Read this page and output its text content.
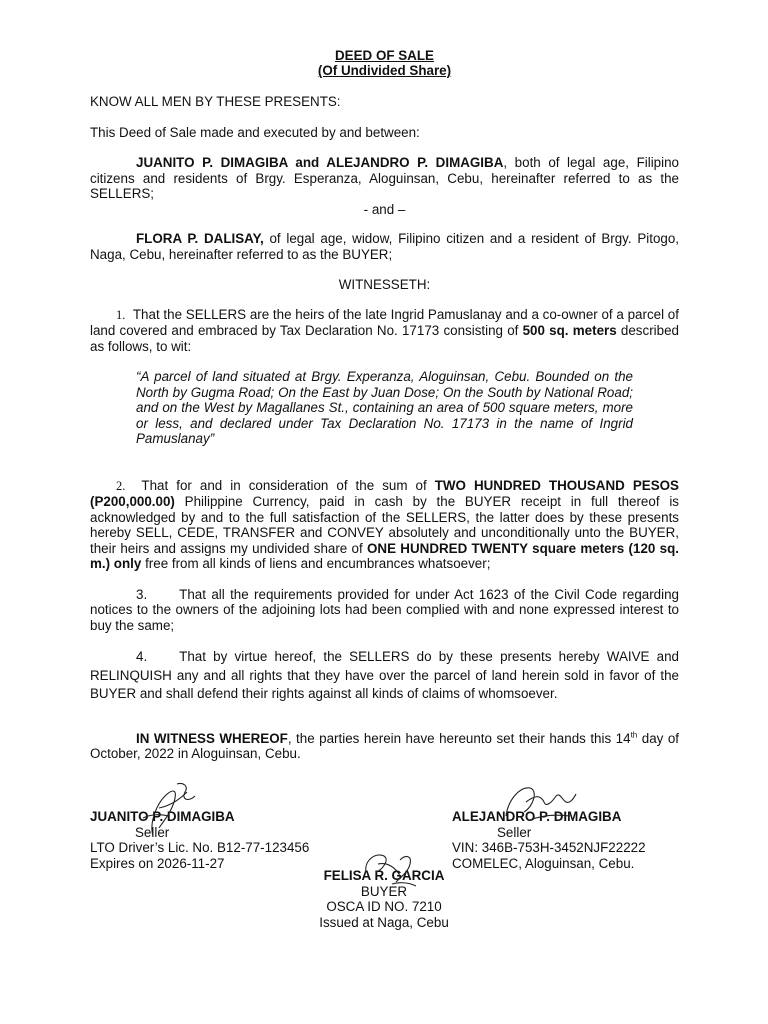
DEED OF SALE

(Of Undivided Share)

KNOW ALL MEN BY THESE PRESENTS:

This Deed of Sale made and executed by and between:

JUANITO P. DIMAGIBA and ALEJANDRO P. DIMAGIBA, both of legal age, Filipino citizens and residents of Brgy. Esperanza, Aloguinsan, Cebu, hereinafter referred to as the SELLERS;

- and –

FLORA P. DALISAY, of legal age, widow, Filipino citizen and a resident of Brgy. Pitogo, Naga, Cebu, hereinafter referred to as the BUYER;

WITNESSETH:

1. That the SELLERS are the heirs of the late Ingrid Pamuslanay and a co-owner of a parcel of land covered and embraced by Tax Declaration No. 17173 consisting of 500 sq. meters described as follows, to wit:

“A parcel of land situated at Brgy. Experanza, Aloguinsan, Cebu. Bounded on the North by Gugma Road; On the East by Juan Dose; On the South by National Road; and on the West by Magallanes St., containing an area of 500 square meters, more or less, and declared under Tax Declaration No. 17173 in the name of Ingrid Pamuslanay”

2. That for and in consideration of the sum of TWO HUNDRED THOUSAND PESOS (P200,000.00) Philippine Currency, paid in cash by the BUYER receipt in full thereof is acknowledged by and to the full satisfaction of the SELLERS, the latter does by these presents hereby SELL, CEDE, TRANSFER and CONVEY absolutely and unconditionally unto the BUYER, their heirs and assigns my undivided share of ONE HUNDRED TWENTY square meters (120 sq. m.) only free from all kinds of liens and encumbrances whatsoever;

3. That all the requirements provided for under Act 1623 of the Civil Code regarding notices to the owners of the adjoining lots had been complied with and none expressed interest to buy the same;

4. That by virtue hereof, the SELLERS do by these presents hereby WAIVE and RELINQUISH any and all rights that they have over the parcel of land herein sold in favor of the BUYER and shall defend their rights against all kinds of claims of whomsoever.

IN WITNESS WHEREOF, the parties herein have hereunto set their hands this 14th day of October, 2022 in Aloguinsan, Cebu.

JUANITO P. DIMAGIBA
Seller
LTO Driver’s Lic. No. B12-77-123456
Expires on 2026-11-27
ALEJANDRO P. DIMAGIBA
Seller
VIN: 346B-753H-3452NJF22222
COMELEC, Aloguinsan, Cebu.
FELISA R. GARCIA
BUYER
OSCA ID NO. 7210
Issued at Naga, Cebu
